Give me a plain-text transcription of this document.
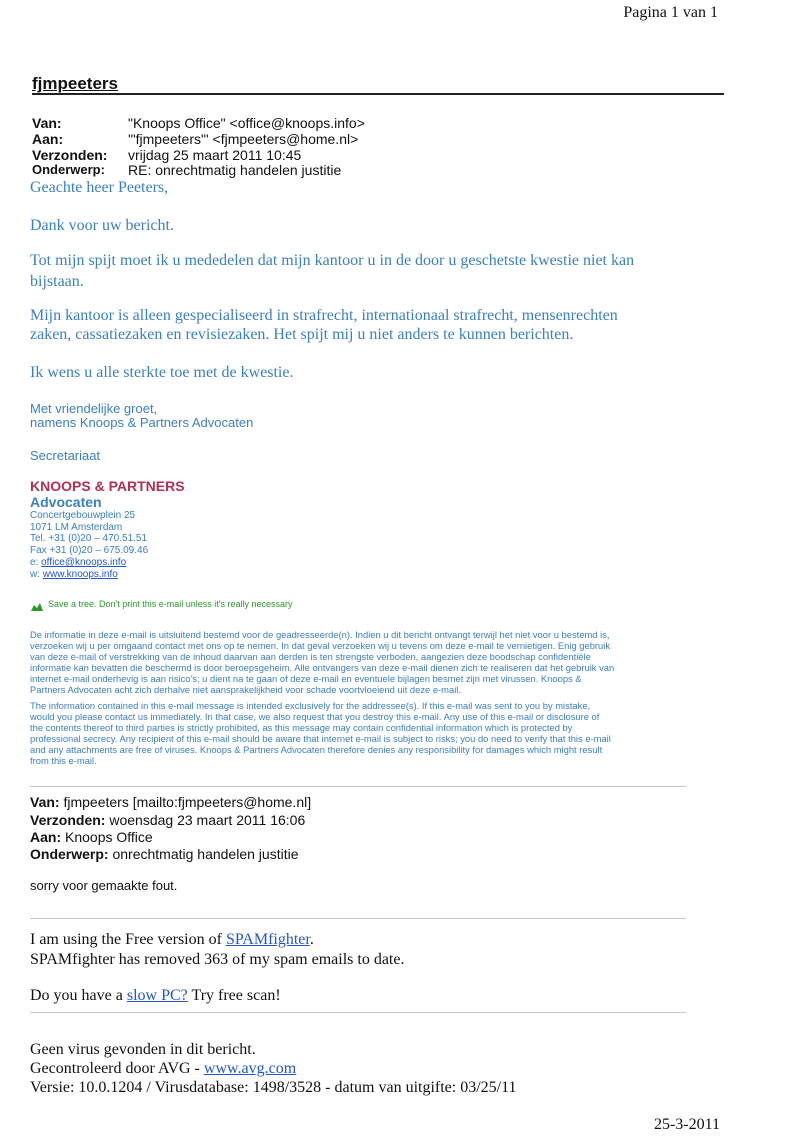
Pagina 1 van 1
fjmpeeters
Van:	"Knoops Office" <office@knoops.info>
Aan:	'"fjmpeeters"' <fjmpeeters@home.nl>
Verzonden: vrijdag 25 maart 2011 10:45
Onderwerp: RE: onrechtmatig handelen justitie
Geachte heer Peeters,
Dank voor uw bericht.
Tot mijn spijt moet ik u mededelen dat mijn kantoor u in de door u geschetste kwestie niet kan
bijstaan.
Mijn kantoor is alleen gespecialiseerd in strafrecht, internationaal strafrecht, mensenrechten
zaken, cassatiezaken en revisiezaken. Het spijt mij u niet anders te kunnen berichten.
Ik wens u alle sterkte toe met de kwestie.
Met vriendelijke groet,
namens Knoops & Partners Advocaten
Secretariaat
KNOOPS & PARTNERS
Advocaten
Concertgebouwplein 25
1071 LM Amsterdam
Tel. +31 (0)20 – 470.51.51
Fax +31 (0)20 – 675.09.46
e: office@knoops.info
w: www.knoops.info
Save a tree. Don't print this e-mail unless it's really necessary
De informatie in deze e-mail is uitsluitend bestemd voor de geadresseerde(n). Indien u dit bericht ontvangt terwijl het niet voor u bestemd is,
verzoeken wij u per omgaand contact met ons op te nemen. In dat geval verzoeken wij u tevens om deze e-mail te vernietigen. Enig gebruik
van deze e-mail of verstrekking van de inhoud daarvan aan derden is ten strengste verboden, aangezien deze boodschap confidentiële
informatie kan bevatten die beschermd is door beroepsgeheim. Alle ontvangers van deze e-mail dienen zich te realiseren dat het gebruik van
internet e-mail onderhevig is aan risico's; u dient na te gaan of deze e-mail en eventuele bijlagen besmet zijn met virussen. Knoops &
Partners Advocaten acht zich derhalve niet aansprakelijkheid voor schade voortvloeiend uit deze e-mail.
The information contained in this e-mail message is intended exclusively for the addressee(s). If this e-mail was sent to you by mistake,
would you please contact us immediately. In that case, we also request that you destroy this e-mail. Any use of this e-mail or disclosure of
the contents thereof to third parties is strictly prohibited, as this message may contain confidential information which is protected by
professional secrecy. Any recipient of this e-mail should be aware that internet e-mail is subject to risks; you do need to verify that this e-mail
and any attachments are free of viruses. Knoops & Partners Advocaten therefore denies any responsibility for damages which might result
from this e-mail.
Van: fjmpeeters [mailto:fjmpeeters@home.nl]
Verzonden: woensdag 23 maart 2011 16:06
Aan: Knoops Office
Onderwerp: onrechtmatig handelen justitie
sorry voor gemaakte fout.
I am using the Free version of SPAMfighter.
SPAMfighter has removed 363 of my spam emails to date.
Do you have a slow PC? Try free scan!
Geen virus gevonden in dit bericht.
Gecontroleerd door AVG - www.avg.com
Versie: 10.0.1204 / Virusdatabase: 1498/3528 - datum van uitgifte: 03/25/11
25-3-2011
